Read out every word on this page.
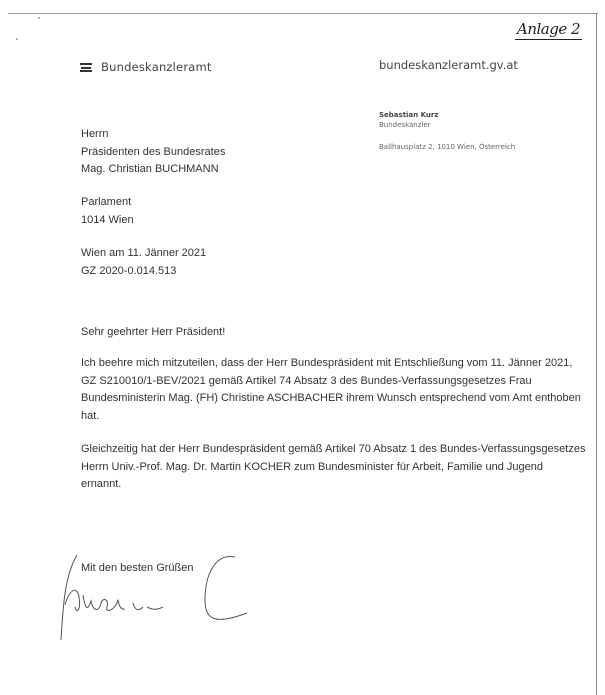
Anlage 2
Bundeskanzleramt	bundeskanzleramt.gv.at
Sebastian Kurz
Bundeskanzler
Ballhausplatz 2, 1010 Wien, Österreich
Herrn
Präsidenten des Bundesrates
Mag. Christian BUCHMANN
Parlament
1014 Wien
Wien am 11. Jänner 2021
GZ 2020-0.014.513
Sehr geehrter Herr Präsident!
Ich beehre mich mitzuteilen, dass der Herr Bundespräsident mit Entschließung vom 11. Jänner 2021, GZ S210010/1-BEV/2021 gemäß Artikel 74 Absatz 3 des Bundes-Verfassungsgesetzes Frau Bundesministerin Mag. (FH) Christine ASCHBACHER ihrem Wunsch entsprechend vom Amt enthoben hat.
Gleichzeitig hat der Herr Bundespräsident gemäß Artikel 70 Absatz 1 des Bundes-Verfassungsgesetzes Herrn Univ.-Prof. Mag. Dr. Martin KOCHER zum Bundesminister für Arbeit, Familie und Jugend ernannt.
Mit den besten Grüßen
